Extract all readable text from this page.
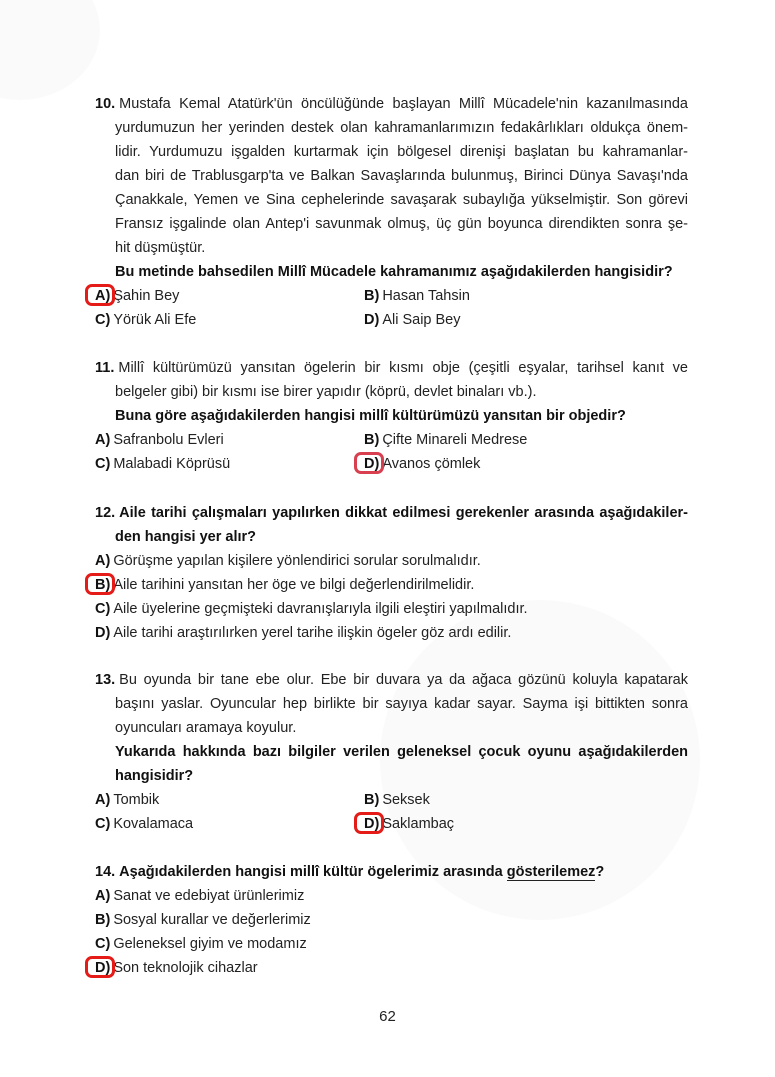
10. Mustafa Kemal Atatürk'ün öncülüğünde başlayan Millî Mücadele'nin kazanılmasında
yurdumuzun her yerinden destek olan kahramanlarımızın fedakârlıkları oldukça önem-
lidir. Yurdumuzu işgalden kurtarmak için bölgesel direnişi başlatan bu kahramanlar-
dan biri de Trablusgarp'ta ve Balkan Savaşlarında bulunmuş, Birinci Dünya Savaşı'nda
Çanakkale, Yemen ve Sina cephelerinde savaşarak subaylığa yükselmiştir. Son görevi
Fransız işgalinde olan Antep'i savunmak olmuş, üç gün boyunca direndikten sonra şe-
hit düşmüştür.
Bu metinde bahsedilen Millî Mücadele kahramanımız aşağıdakilerden hangisidir?
A) Şahin Bey	B) Hasan Tahsin
C) Yörük Ali Efe	D) Ali Saip Bey
11. Millî kültürümüzü yansıtan ögelerin bir kısmı obje (çeşitli eşyalar, tarihsel kanıt ve
belgeler gibi) bir kısmı ise birer yapıdır (köprü, devlet binaları vb.).
Buna göre aşağıdakilerden hangisi millî kültürümüzü yansıtan bir objedir?
A) Safranbolu Evleri	B) Çifte Minareli Medrese
C) Malabadi Köprüsü	D) Avanos çömlek
12. Aile tarihi çalışmaları yapılırken dikkat edilmesi gerekenler arasında aşağıdakiler-
den hangisi yer alır?
A) Görüşme yapılan kişilere yönlendirici sorular sorulmalıdır.
B) Aile tarihini yansıtan her öge ve bilgi değerlendirilmelidir.
C) Aile üyelerine geçmişteki davranışlarıyla ilgili eleştiri yapılmalıdır.
D) Aile tarihi araştırılırken yerel tarihe ilişkin ögeler göz ardı edilir.
13. Bu oyunda bir tane ebe olur. Ebe bir duvara ya da ağaca gözünü koluyla kapatarak
başını yaslar. Oyuncular hep birlikte bir sayıya kadar sayar. Sayma işi bittikten sonra
oyuncuları aramaya koyulur.
Yukarıda hakkında bazı bilgiler verilen geleneksel çocuk oyunu aşağıdakilerden
hangisidir?
A) Tombik	B) Seksek
C) Kovalamaca	D) Saklambaç
14. Aşağıdakilerden hangisi millî kültür ögelerimiz arasında gösterilemez?
A) Sanat ve edebiyat ürünlerimiz
B) Sosyal kurallar ve değerlerimiz
C) Geleneksel giyim ve modamız
D) Son teknolojik cihazlar
62
